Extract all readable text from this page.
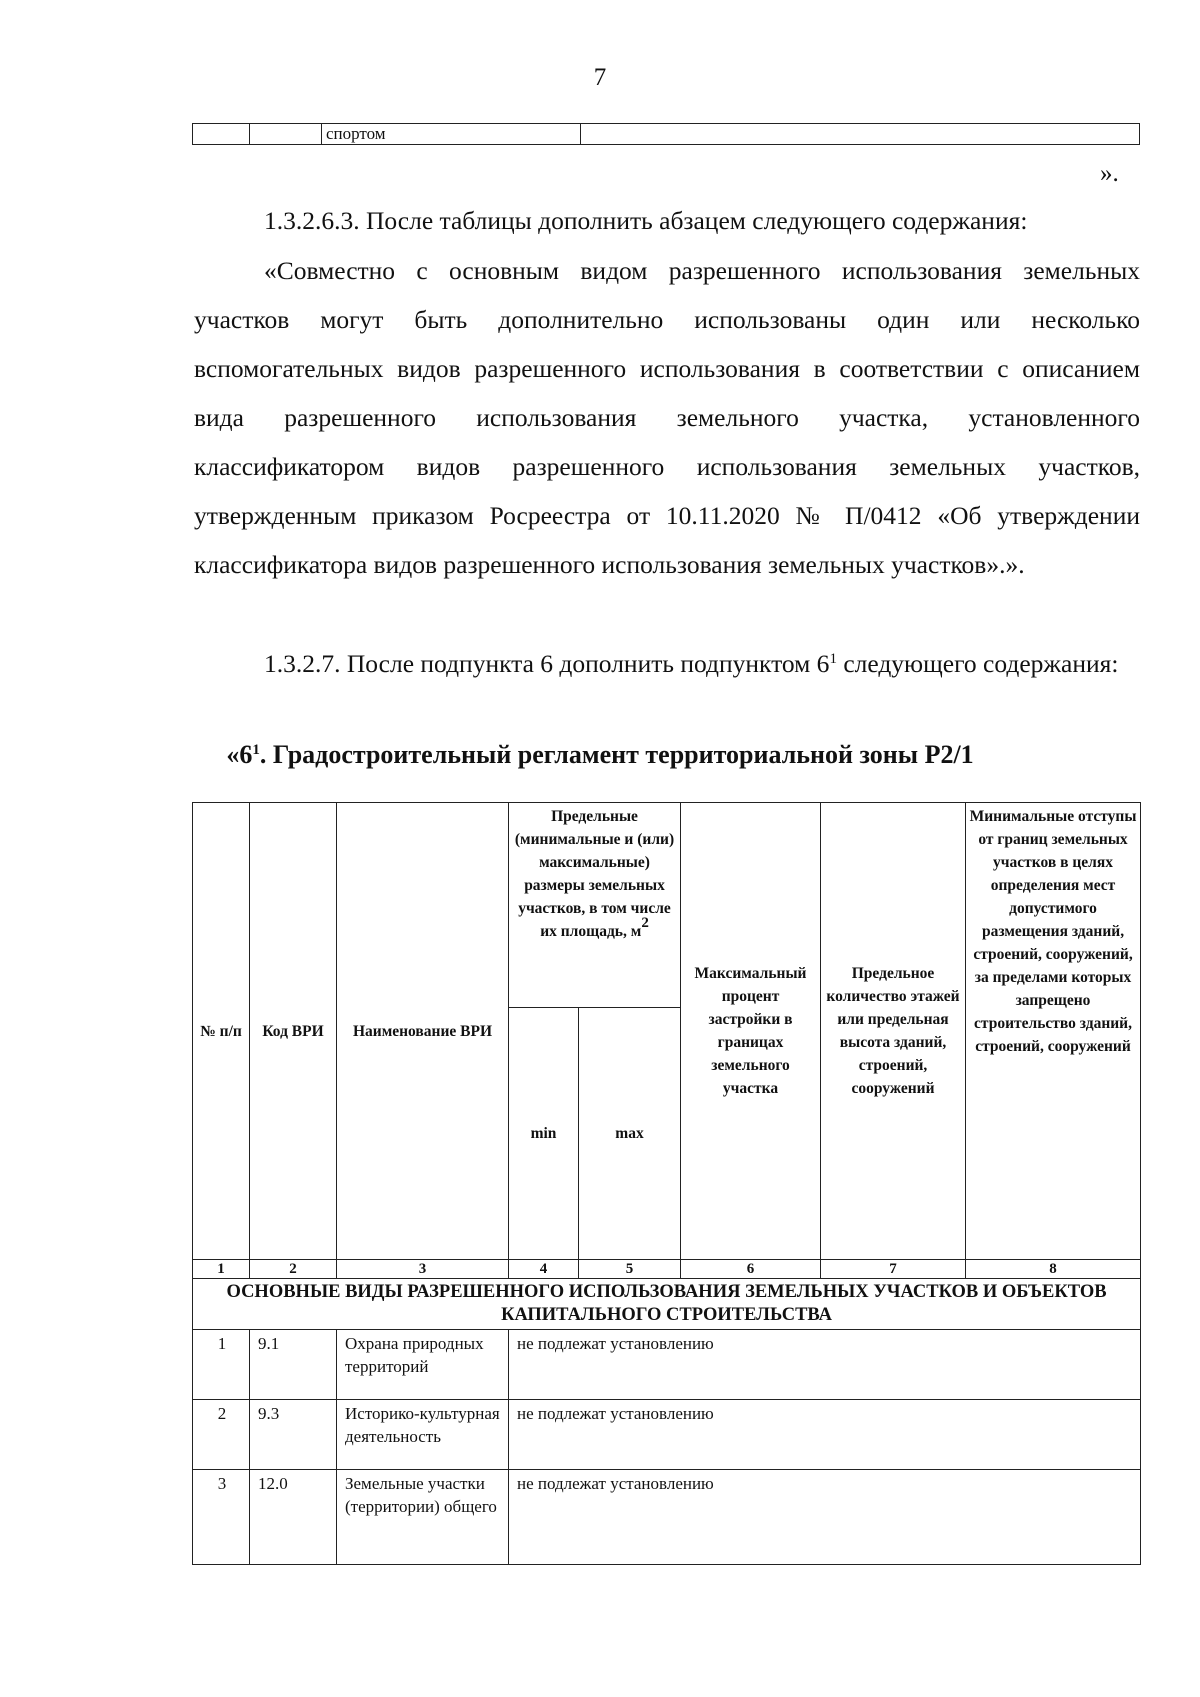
7
		спортом	
».

1.3.2.6.3. После таблицы дополнить абзацем следующего содержания:

«Совместно с основным видом разрешенного использования земельных участков могут быть дополнительно использованы один или несколько вспомогательных видов разрешенного использования в соответствии с описанием вида разрешенного использования земельного участка, установленного классификатором видов разрешенного использования земельных участков, утвержденным приказом Росреестра от 10.11.2020 № П/0412 «Об утверждении классификатора видов разрешенного использования земельных участков».».

1.3.2.7. После подпункта 6 дополнить подпунктом $6^1$ следующего содержания:

«$6^1$. Градостроительный регламент территориальной зоны Р2/1
№ п/п	Код ВРИ	Наименование ВРИ	Предельные (минимальные и (или) максимальные) размеры земельных участков, в том числе их площадь, $м^2$		Максимальный процент застройки в границах земельного участка	Предельное количество этажей или предельная высота зданий, строений, сооружений	Минимальные отступы от границ земельных участков в целях определения мест допустимого размещения зданий, строений, сооружений, за пределами которых запрещено строительство зданий, строений, сооружений
			min	max			
1	2	3	4	5	6	7	8
ОСНОВНЫЕ ВИДЫ РАЗРЕШЕННОГО ИСПОЛЬЗОВАНИЯ ЗЕМЕЛЬНЫХ УЧАСТКОВ И ОБЪЕКТОВ КАПИТАЛЬНОГО СТРОИТЕЛЬСТВА							
1	9.1	Охрана природных территорий	не подлежат установлению				
2	9.3	Историко-культурная деятельность	не подлежат установлению				
3	12.0	Земельные участки (территории) общего	не подлежат установлению				
